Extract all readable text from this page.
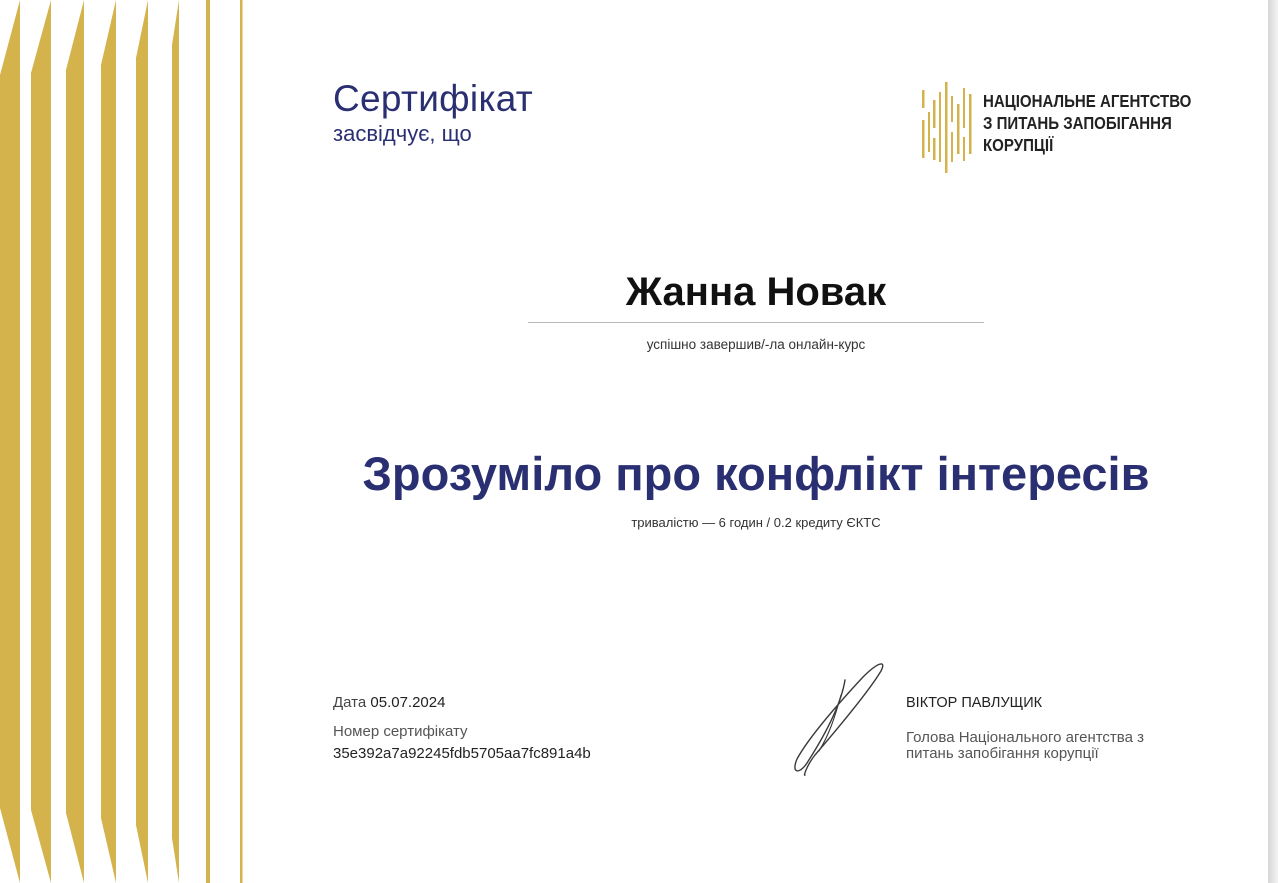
Сертифікат
засвідчує, що
НАЦІОНАЛЬНЕ АГЕНТСТВО
З ПИТАНЬ ЗАПОБІГАННЯ
КОРУПЦІЇ
Жанна Новак
успішно завершив/-ла онлайн-курс
Зрозуміло про конфлікт інтересів
тривалістю — 6 годин / 0.2 кредиту ЄКТС
Дата 05.07.2024
Номер сертифікату
35e392a7a92245fdb5705aa7fc891a4b
ВІКТОР ПАВЛУЩИК
Голова Національного агентства з питань запобігання корупції
